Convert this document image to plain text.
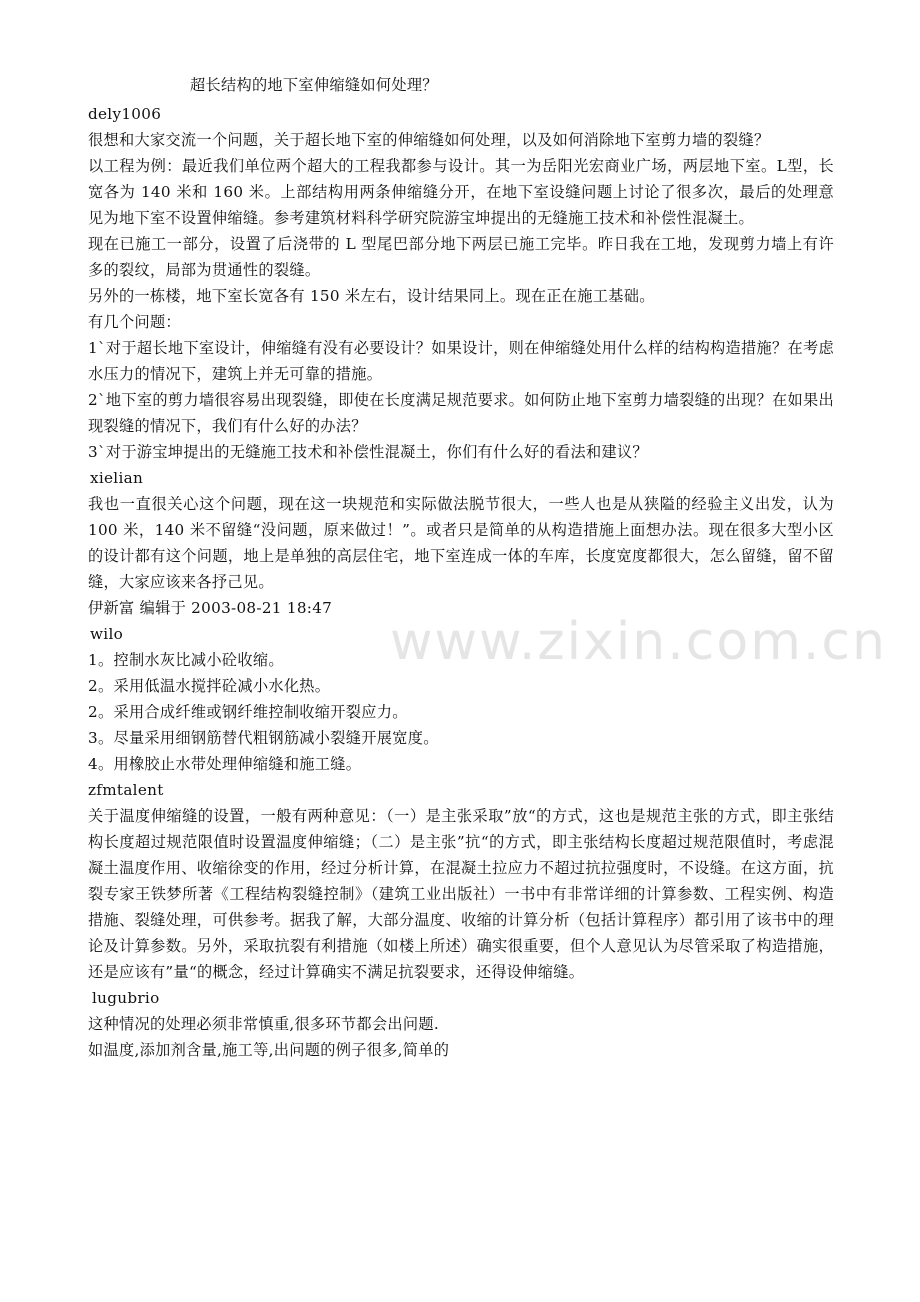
超长结构的地下室伸缩缝如何处理？
dely1006
很想和大家交流一个问题，关于超长地下室的伸缩缝如何处理，以及如何消除地下室剪力墙的裂缝？
以工程为例：最近我们单位两个超大的工程我都参与设计。其一为岳阳光宏商业广场，两层地下室。L型，长宽各为 140 米和 160 米。上部结构用两条伸缩缝分开，在地下室设缝问题上讨论了很多次，最后的处理意见为地下室不设置伸缩缝。参考建筑材料科学研究院游宝坤提出的无缝施工技术和补偿性混凝土。
现在已施工一部分，设置了后浇带的 L 型尾巴部分地下两层已施工完毕。昨日我在工地，发现剪力墙上有许多的裂纹，局部为贯通性的裂缝。
另外的一栋楼，地下室长宽各有 150 米左右，设计结果同上。现在正在施工基础。
有几个问题：
1`对于超长地下室设计，伸缩缝有没有必要设计？如果设计，则在伸缩缝处用什么样的结构构造措施？在考虑水压力的情况下，建筑上并无可靠的措施。
2`地下室的剪力墙很容易出现裂缝，即使在长度满足规范要求。如何防止地下室剪力墙裂缝的出现？在如果出现裂缝的情况下，我们有什么好的办法？
3`对于游宝坤提出的无缝施工技术和补偿性混凝土，你们有什么好的看法和建议？
xielian
我也一直很关心这个问题，现在这一块规范和实际做法脱节很大，一些人也是从狭隘的经验主义出发，认为 100 米，140 米不留缝“没问题，原来做过！”。或者只是简单的从构造措施上面想办法。现在很多大型小区的设计都有这个问题，地上是单独的高层住宅，地下室连成一体的车库，长度宽度都很大，怎么留缝，留不留缝，大家应该来各抒己见。
伊新富 编辑于 2003-08-21 18:47
wilo
1。控制水灰比减小砼收缩。
2。采用低温水搅拌砼减小水化热。
2。采用合成纤维或钢纤维控制收缩开裂应力。
3。尽量采用细钢筋替代粗钢筋减小裂缝开展宽度。
4。用橡胶止水带处理伸缩缝和施工缝。
zfmtalent
关于温度伸缩缝的设置，一般有两种意见：（一）是主张采取”放“的方式，这也是规范主张的方式，即主张结构长度超过规范限值时设置温度伸缩缝；（二）是主张”抗“的方式，即主张结构长度超过规范限值时，考虑混凝土温度作用、收缩徐变的作用，经过分析计算，在混凝土拉应力不超过抗拉强度时，不设缝。在这方面，抗裂专家王铁梦所著《工程结构裂缝控制》（建筑工业出版社）一书中有非常详细的计算参数、工程实例、构造措施、裂缝处理，可供参考。据我了解，大部分温度、收缩的计算分析（包括计算程序）都引用了该书中的理论及计算参数。另外，采取抗裂有利措施（如楼上所述）确实很重要，但个人意见认为尽管采取了构造措施，还是应该有”量“的概念，经过计算确实不满足抗裂要求，还得设伸缩缝。
lugubrio
这种情况的处理必须非常慎重,很多环节都会出问题.
如温度,添加剂含量,施工等,出问题的例子很多,简单的
www.zixin.com.cn
